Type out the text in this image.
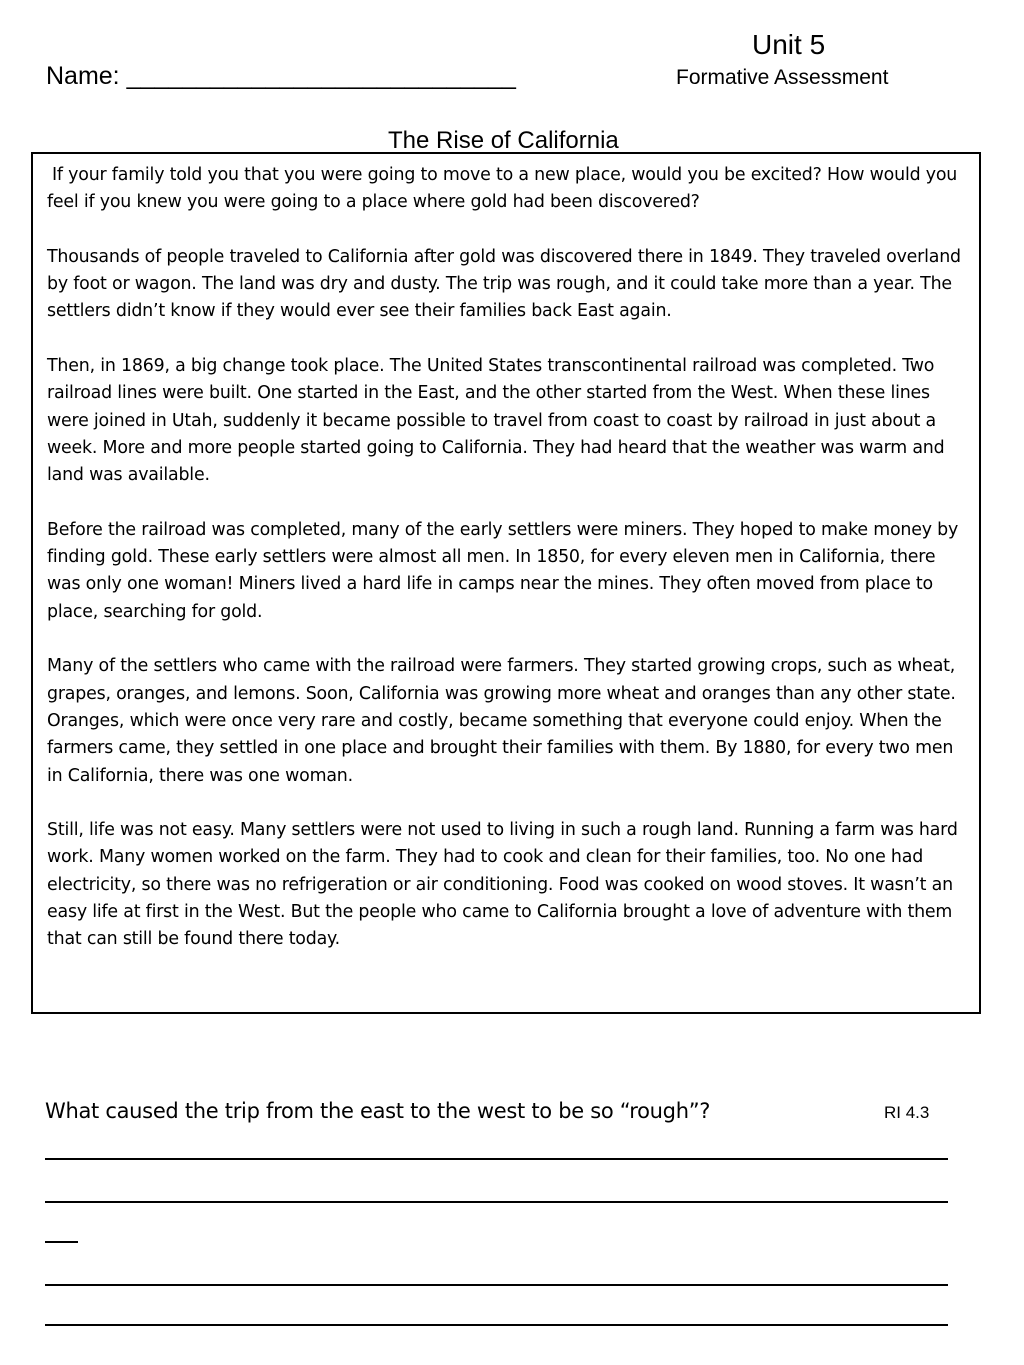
Unit 5
Name: ____________________________	Formative Assessment
The Rise of California

If your family told you that you were going to move to a new place, would you be excited? How would you feel if you knew you were going to a place where gold had been discovered?

Thousands of people traveled to California after gold was discovered there in 1849. They traveled overland by foot or wagon. The land was dry and dusty. The trip was rough, and it could take more than a year. The settlers didn’t know if they would ever see their families back East again.

Then, in 1869, a big change took place. The United States transcontinental railroad was completed. Two railroad lines were built. One started in the East, and the other started from the West. When these lines were joined in Utah, suddenly it became possible to travel from coast to coast by railroad in just about a week. More and more people started going to California. They had heard that the weather was warm and land was available.

Before the railroad was completed, many of the early settlers were miners. They hoped to make money by finding gold. These early settlers were almost all men. In 1850, for every eleven men in California, there was only one woman! Miners lived a hard life in camps near the mines. They often moved from place to place, searching for gold.

Many of the settlers who came with the railroad were farmers. They started growing crops, such as wheat, grapes, oranges, and lemons. Soon, California was growing more wheat and oranges than any other state. Oranges, which were once very rare and costly, became something that everyone could enjoy. When the farmers came, they settled in one place and brought their families with them. By 1880, for every two men in California, there was one woman.

Still, life was not easy. Many settlers were not used to living in such a rough land. Running a farm was hard work. Many women worked on the farm. They had to cook and clean for their families, too. No one had electricity, so there was no refrigeration or air conditioning. Food was cooked on wood stoves. It wasn’t an easy life at first in the West. But the people who came to California brought a love of adventure with them that can still be found there today.

What caused the trip from the east to the west to be so “rough”?	RI 4.3
